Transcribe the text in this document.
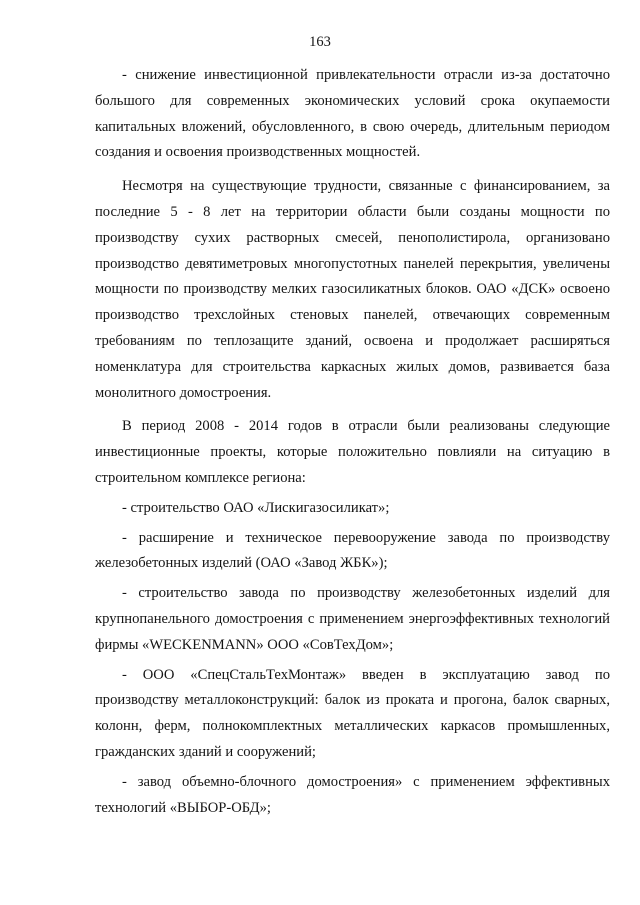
163

- снижение инвестиционной привлекательности отрасли из-за достаточно большого для современных экономических условий срока окупаемости капитальных вложений, обусловленного, в свою очередь, длительным периодом создания и освоения производственных мощностей.

Несмотря на существующие трудности, связанные с финансированием, за последние 5 - 8 лет на территории области были созданы мощности по производству сухих растворных смесей, пенополистирола, организовано производство девятиметровых многопустотных панелей перекрытия, увеличены мощности по производству мелких газосиликатных блоков. ОАО «ДСК» освоено производство трехслойных стеновых панелей, отвечающих современным требованиям по теплозащите зданий, освоена и продолжает расширяться номенклатура для строительства каркасных жилых домов, развивается база монолитного домостроения.

В период 2008 - 2014 годов в отрасли были реализованы следующие инвестиционные проекты, которые положительно повлияли на ситуацию в строительном комплексе региона:

- строительство ОАО «Лискигазосиликат»;

- расширение и техническое перевооружение завода по производству железобетонных изделий (ОАО «Завод ЖБК»);

- строительство завода по производству железобетонных изделий для крупнопанельного домостроения с применением энергоэффективных технологий фирмы «WECKENMANN» ООО «СовТехДом»;

- ООО «СпецСтальТехМонтаж» введен в эксплуатацию завод по производству металлоконструкций: балок из проката и прогона, балок сварных, колонн, ферм, полнокомплектных металлических каркасов промышленных, гражданских зданий и сооружений;

- завод объемно-блочного домостроения» с применением эффективных технологий «ВЫБОР-ОБД»;
